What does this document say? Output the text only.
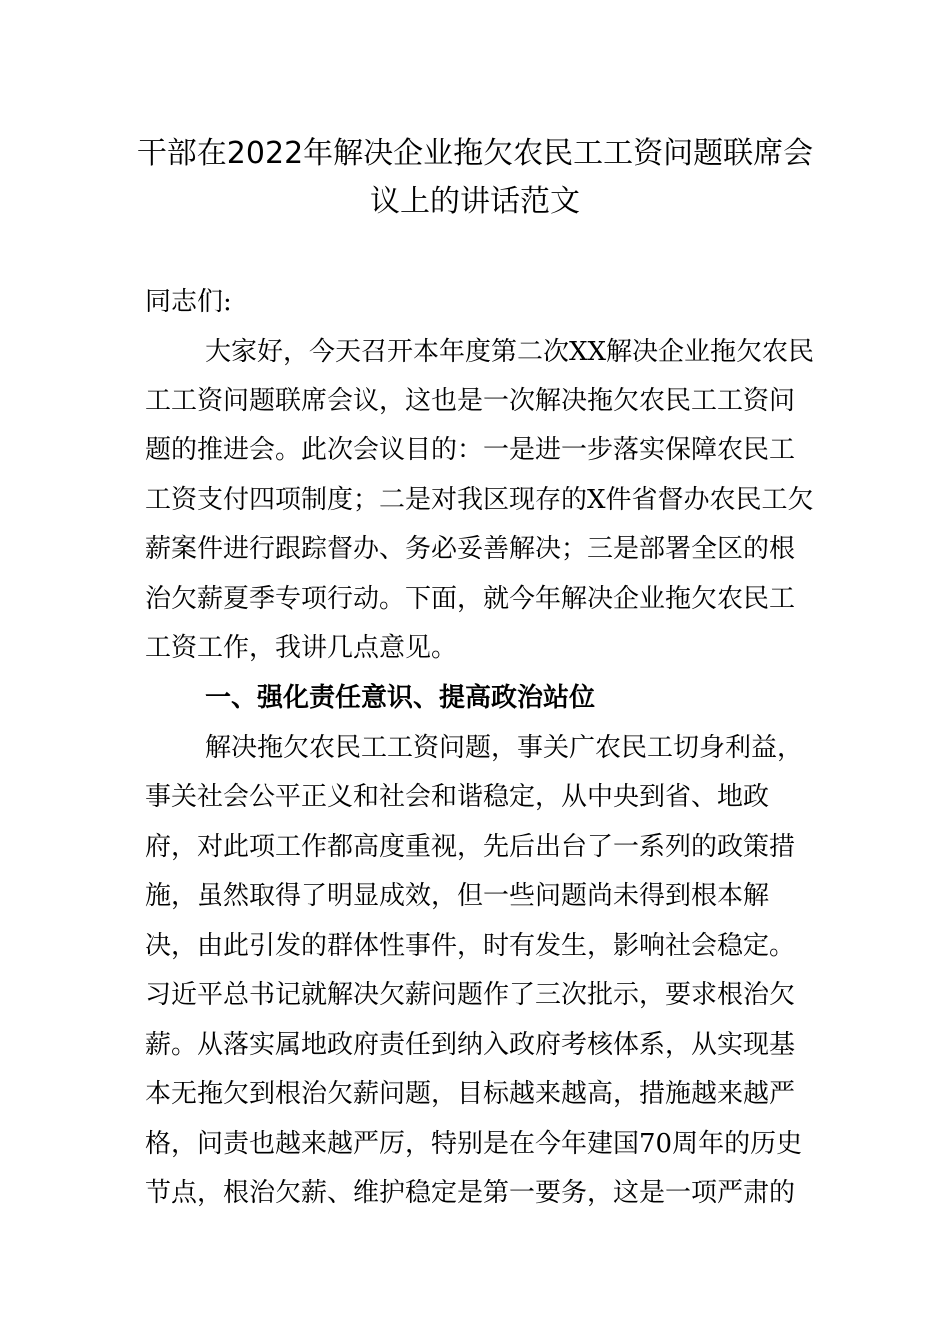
干部在2022年解决企业拖欠农民工工资问题联席会
议上的讲话范文
同志们:
大家好，今天召开本年度第二次XX解决企业拖欠农民
工工资问题联席会议，这也是一次解决拖欠农民工工资问
题的推进会。此次会议目的：一是进一步落实保障农民工
工资支付四项制度；二是对我区现存的X件省督办农民工欠
薪案件进行跟踪督办、务必妥善解决；三是部署全区的根
治欠薪夏季专项行动。下面，就今年解决企业拖欠农民工
工资工作，我讲几点意见。
一、强化责任意识、提高政治站位
解决拖欠农民工工资问题，事关广农民工切身利益，
事关社会公平正义和社会和谐稳定，从中央到省、地政
府，对此项工作都高度重视，先后出台了一系列的政策措
施，虽然取得了明显成效，但一些问题尚未得到根本解
决，由此引发的群体性事件，时有发生，影响社会稳定。
习近平总书记就解决欠薪问题作了三次批示，要求根治欠
薪。从落实属地政府责任到纳入政府考核体系，从实现基
本无拖欠到根治欠薪问题，目标越来越高，措施越来越严
格，问责也越来越严厉，特别是在今年建国70周年的历史
节点，根治欠薪、维护稳定是第一要务，这是一项严肃的
